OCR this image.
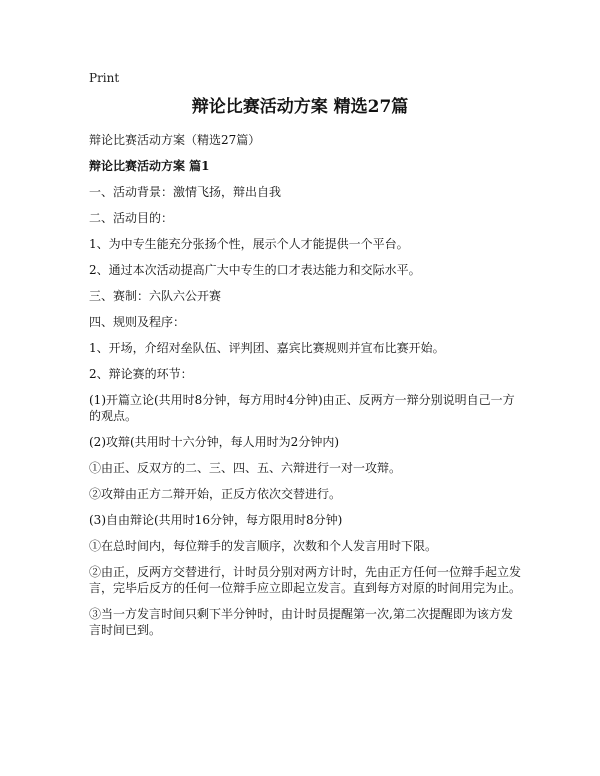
Print
辩论比赛活动方案 精选27篇

辩论比赛活动方案（精选27篇）

辩论比赛活动方案 篇1

一、活动背景：激情飞扬，辩出自我

二、活动目的：

1、为中专生能充分张扬个性，展示个人才能提供一个平台。

2、通过本次活动提高广大中专生的口才表达能力和交际水平。

三、赛制：六队六公开赛

四、规则及程序：

1、开场，介绍对垒队伍、评判团、嘉宾比赛规则并宣布比赛开始。

2、辩论赛的环节：

(1)开篇立论(共用时8分钟，每方用时4分钟)由正、反两方一辩分别说明自己一方的观点。

(2)攻辩(共用时十六分钟，每人用时为2分钟内)

①由正、反双方的二、三、四、五、六辩进行一对一攻辩。

②攻辩由正方二辩开始，正反方依次交替进行。

(3)自由辩论(共用时16分钟，每方限用时8分钟)

①在总时间内，每位辩手的发言顺序，次数和个人发言用时下限。

②由正，反两方交替进行，计时员分别对两方计时，先由正方任何一位辩手起立发言，完毕后反方的任何一位辩手应立即起立发言。直到每方对原的时间用完为止。

③当一方发言时间只剩下半分钟时，由计时员提醒第一次,第二次提醒即为该方发言时间已到。
